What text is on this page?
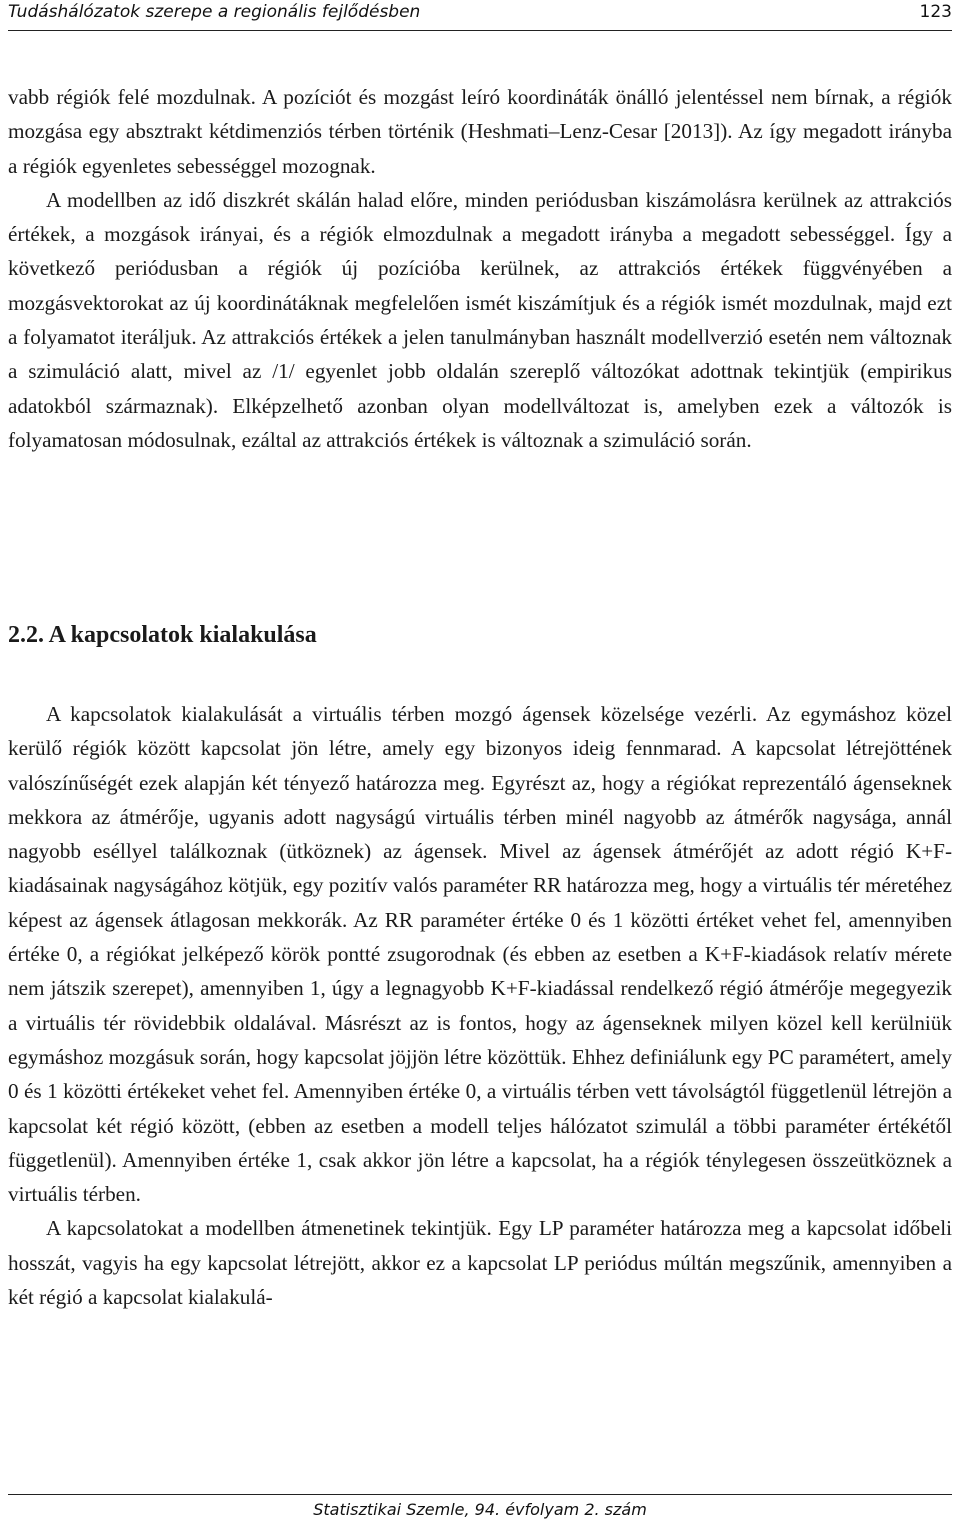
Tudáshálózatok szerepe a regionális fejlődésben	123

vabb régiók felé mozdulnak. A pozíciót és mozgást leíró koordináták önálló jelentéssel nem bírnak, a régiók mozgása egy absztrakt kétdimenziós térben történik (Heshmati–Lenz-Cesar [2013]). Az így megadott irányba a régiók egyenletes sebességgel mozognak.

A modellben az idő diszkrét skálán halad előre, minden periódusban kiszámolásra kerülnek az attrakciós értékek, a mozgások irányai, és a régiók elmozdulnak a megadott irányba a megadott sebességgel. Így a következő periódusban a régiók új pozícióba kerülnek, az attrakciós értékek függvényében a mozgásvektorokat az új koordinátáknak megfelelően ismét kiszámítjuk és a régiók ismét mozdulnak, majd ezt a folyamatot iteráljuk. Az attrakciós értékek a jelen tanulmányban használt modellverzió esetén nem változnak a szimuláció alatt, mivel az /1/ egyenlet jobb oldalán szereplő változókat adottnak tekintjük (empirikus adatokból származnak). Elképzelhető azonban olyan modellváltozat is, amelyben ezek a változók is folyamatosan módosulnak, ezáltal az attrakciós értékek is változnak a szimuláció során.

2.2. A kapcsolatok kialakulása

A kapcsolatok kialakulását a virtuális térben mozgó ágensek közelsége vezérli. Az egymáshoz közel kerülő régiók között kapcsolat jön létre, amely egy bizonyos ideig fennmarad. A kapcsolat létrejöttének valószínűségét ezek alapján két tényező határozza meg. Egyrészt az, hogy a régiókat reprezentáló ágenseknek mekkora az átmérője, ugyanis adott nagyságú virtuális térben minél nagyobb az átmérők nagysága, annál nagyobb eséllyel találkoznak (ütköznek) az ágensek. Mivel az ágensek átmérőjét az adott régió K+F-kiadásainak nagyságához kötjük, egy pozitív valós paraméter RR határozza meg, hogy a virtuális tér méretéhez képest az ágensek átlagosan mekkorák. Az RR paraméter értéke 0 és 1 közötti értéket vehet fel, amennyiben értéke 0, a régiókat jelképező körök pontté zsugorodnak (és ebben az esetben a K+F-kiadások relatív mérete nem játszik szerepet), amennyiben 1, úgy a legnagyobb K+F-kiadással rendelkező régió átmérője megegyezik a virtuális tér rövidebbik oldalával. Másrészt az is fontos, hogy az ágenseknek milyen közel kell kerülniük egymáshoz mozgásuk során, hogy kapcsolat jöjjön létre közöttük. Ehhez definiálunk egy PC paramétert, amely 0 és 1 közötti értékeket vehet fel. Amennyiben értéke 0, a virtuális térben vett távolságtól függetlenül létrejön a kapcsolat két régió között, (ebben az esetben a modell teljes hálózatot szimulál a többi paraméter értékétől függetlenül). Amennyiben értéke 1, csak akkor jön létre a kapcsolat, ha a régiók ténylegesen összeütköznek a virtuális térben.

A kapcsolatokat a modellben átmenetinek tekintjük. Egy LP paraméter határozza meg a kapcsolat időbeli hosszát, vagyis ha egy kapcsolat létrejött, akkor ez a kapcsolat LP periódus múltán megszűnik, amennyiben a két régió a kapcsolat kialakulá-

Statisztikai Szemle, 94. évfolyam 2. szám
